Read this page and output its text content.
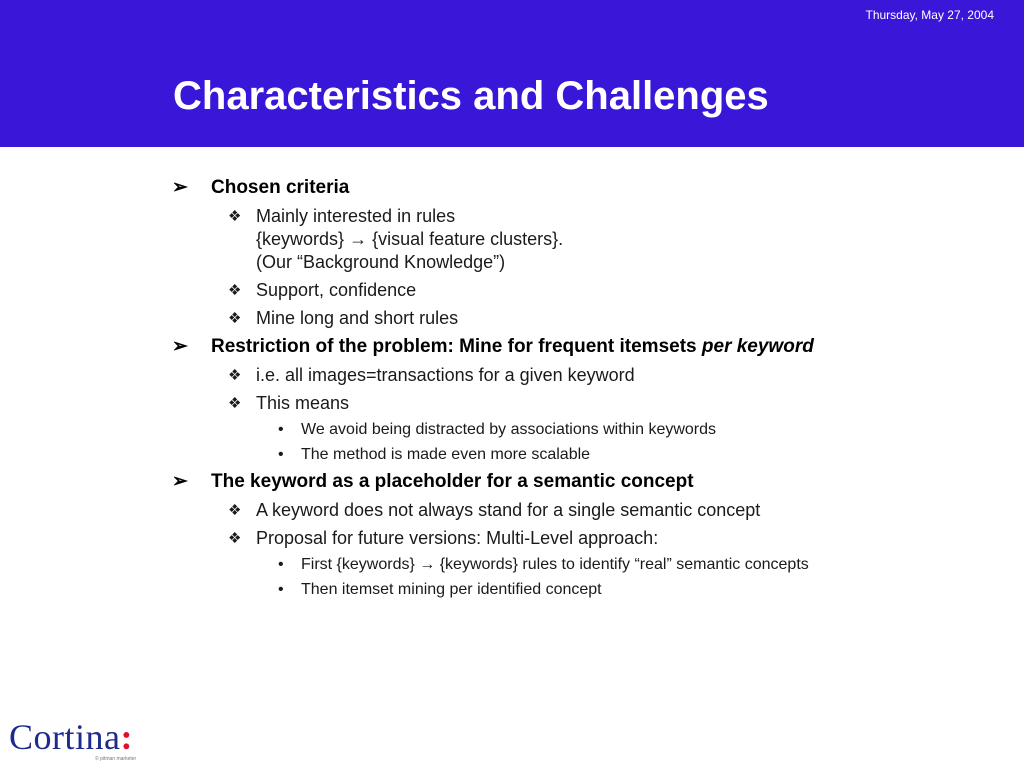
Thursday, May 27, 2004
Characteristics and Challenges
➢ Chosen criteria
❖ Mainly interested in rules
{keywords} → {visual feature clusters}.
(Our “Background Knowledge”)
❖ Support, confidence
❖ Mine long and short rules
➢ Restriction of the problem: Mine for frequent itemsets per keyword
❖ i.e. all images=transactions for a given keyword
❖ This means
• We avoid being distracted by associations within keywords
• The method is made even more scalable
➢ The keyword as a placeholder for a semantic concept
❖ A keyword does not always stand for a single semantic concept
❖ Proposal for future versions: Multi-Level approach:
• First {keywords} → {keywords} rules to identify “real” semantic concepts
• Then itemset mining per identified concept
Cortina:
© pitman marketer
